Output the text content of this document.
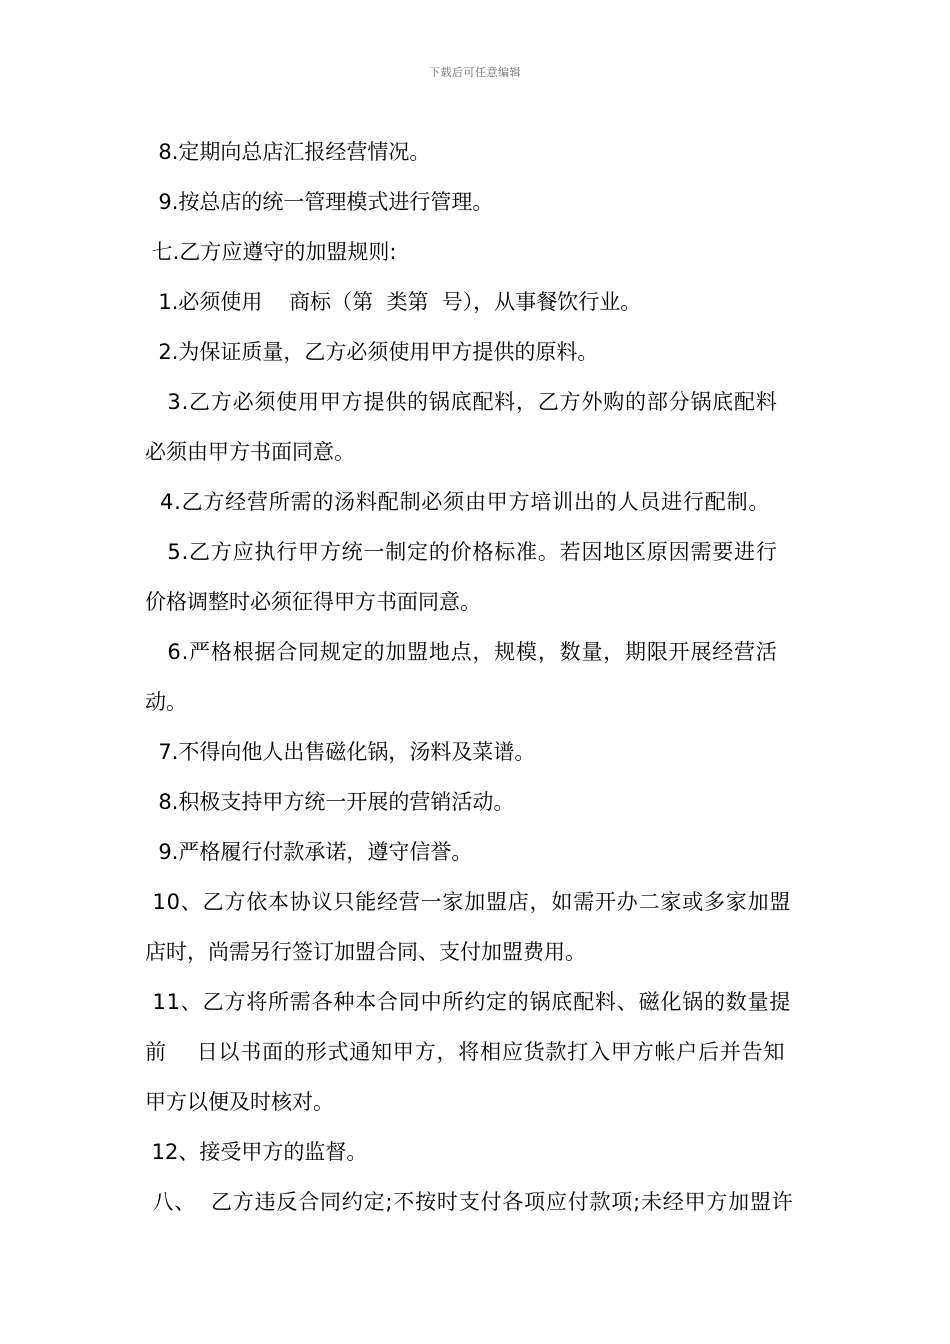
下载后可任意编辑
8.定期向总店汇报经营情况。
9.按总店的统一管理模式进行管理。
七.乙方应遵守的加盟规则:
1.必须使用    商标（第  类第  号），从事餐饮行业。
2.为保证质量，乙方必须使用甲方提供的原料。
3.乙方必须使用甲方提供的锅底配料，乙方外购的部分锅底配料
必须由甲方书面同意。
4.乙方经营所需的汤料配制必须由甲方培训出的人员进行配制。
5.乙方应执行甲方统一制定的价格标准。若因地区原因需要进行
价格调整时必须征得甲方书面同意。
6.严格根据合同规定的加盟地点，规模，数量，期限开展经营活
动。
7.不得向他人出售磁化锅，汤料及菜谱。
8.积极支持甲方统一开展的营销活动。
9.严格履行付款承诺，遵守信誉。
10、乙方依本协议只能经营一家加盟店，如需开办二家或多家加盟
店时，尚需另行签订加盟合同、支付加盟费用。
11、乙方将所需各种本合同中所约定的锅底配料、磁化锅的数量提
前    日以书面的形式通知甲方，将相应货款打入甲方帐户后并告知
甲方以便及时核对。
12、接受甲方的监督。
八、  乙方违反合同约定;不按时支付各项应付款项;未经甲方加盟许
